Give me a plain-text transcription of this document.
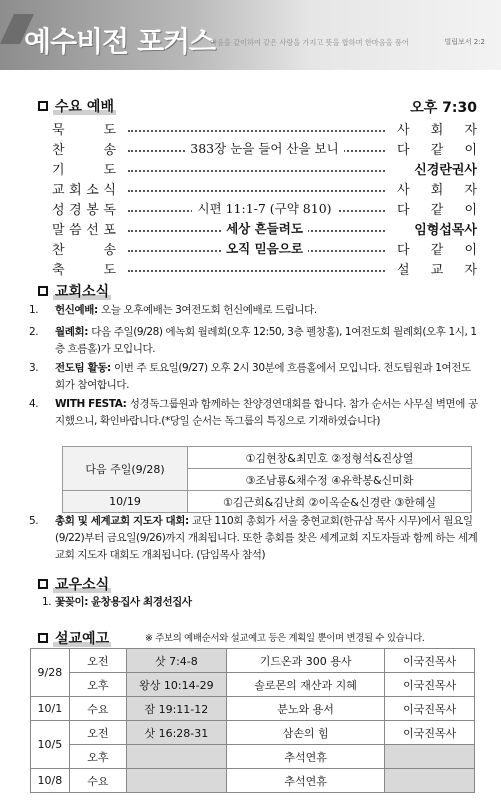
예수비전 포커스
마음을 같이하여 같은 사랑을 가지고 뜻을 합하며 한마음을 품어	빌립보서 2:2
수요 예배	오후 7:30
묵	도	사 회 자
찬	송	383장 눈을 들어 산을 보니	다 같 이
기	도	신경란권사
교 회 소 식	사 회 자
성 경 봉 독	시편 11:1-7 (구약 810)	다 같 이
말 씀 선 포	세상 흔들려도	임형섭목사
찬	송	오직 믿음으로	다 같 이
축	도	설 교 자
교회소식
1. 헌신예배: 오늘 오후예배는 3여전도회 헌신예배로 드립니다.
2. 월례회: 다음 주일(9/28) 에녹회 월례회(오후 12:50, 3층 펠창홀), 1여전도회 월례회(오후 1시, 1층 흐름홀)가 모입니다.
3. 전도팀 활동: 이번 주 토요일(9/27) 오후 2시 30분에 흐름홀에서 모입니다. 전도팀원과 1여전도회가 참여합니다.
4. WITH FESTA: 성경독그룹원과 함께하는 찬양경연대회를 합니다. 참가 순서는 사무실 벽면에 공지했으니, 확인바랍니다.(*당일 순서는 독그룹의 특징으로 기재하였습니다)
5. 총회 및 세계교회 지도자 대회: 교단 110회 총회가 서울 충현교회(한규삼 목사 시무)에서 월요일(9/22)부터 금요일(9/26)까지 개최됩니다. 또한 총회를 찾은 세계교회 지도자들과 함께 하는 세계교회 지도자 대회도 개최됩니다. (담임목사 참석)
다음 주일(9/28)	①김현창&최민호 ②정형석&진상열
	③조남룡&채수정 ④유학봉&신미화
10/19	①김근희&김난희 ②이옥순&신경란 ③한혜실
교우소식
1. 꽃꽂이: 윤창용집사 최경선집사
설교예고	※ 주보의 예배순서와 설교예고 등은 계획일 뿐이며 변경될 수 있습니다.
9/28	오전	삿 7:4-8	기드온과 300 용사	이국진목사
	오후	왕상 10:14-29	솔로몬의 재산과 지혜	이국진목사
10/1	수요	잠 19:11-12	분노와 용서	이국진목사
10/5	오전	삿 16:28-31	삼손의 힘	이국진목사
	오후		추석연휴	
10/8	수요		추석연휴	
